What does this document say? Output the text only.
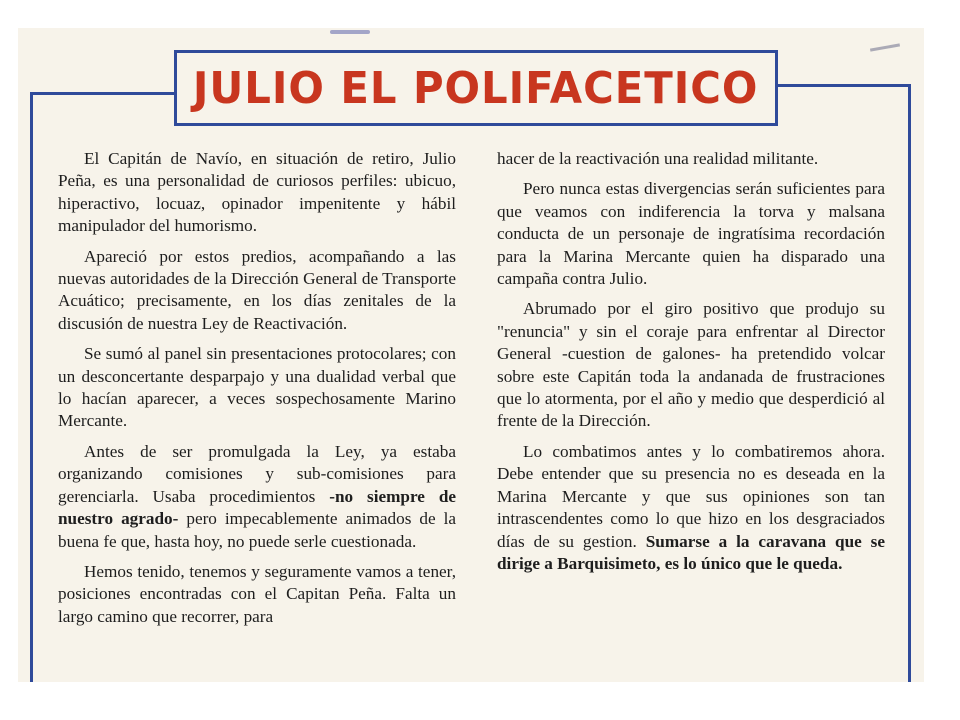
JULIO EL POLIFACETICO

El Capitán de Navío, en situación de retiro, Julio Peña, es una personalidad de curiosos perfiles: ubicuo, hiperactivo, locuaz, opinador impenitente y hábil manipulador del humorismo.

Apareció por estos predios, acompañando a las nuevas autoridades de la Dirección General de Transporte Acuático; precisamente, en los días zenitales de la discusión de nuestra Ley de Reactivación.

Se sumó al panel sin presentaciones protocolares; con un desconcertante desparpajo y una dualidad verbal que lo hacían aparecer, a veces sospechosamente Marino Mercante.

Antes de ser promulgada la Ley, ya estaba organizando comisiones y sub-comisiones para gerenciarla. Usaba procedimientos -no siempre de nuestro agrado- pero impecablemente animados de la buena fe que, hasta hoy, no puede serle cuestionada.

Hemos tenido, tenemos y seguramente vamos a tener, posiciones encontradas con el Capitan Peña. Falta un largo camino que recorrer, para

hacer de la reactivación una realidad militante.

Pero nunca estas divergencias serán suficientes para que veamos con indiferencia la torva y malsana conducta de un personaje de ingratísima recordación para la Marina Mercante quien ha disparado una campaña contra Julio.

Abrumado por el giro positivo que produjo su "renuncia" y sin el coraje para enfrentar al Director General -cuestion de galones- ha pretendido volcar sobre este Capitán toda la andanada de frustraciones que lo atormenta, por el año y medio que desperdició al frente de la Dirección.

Lo combatimos antes y lo combatiremos ahora. Debe entender que su presencia no es deseada en la Marina Mercante y que sus opiniones son tan intrascendentes como lo que hizo en los desgraciados días de su gestion. Sumarse a la caravana que se dirige a Barquisimeto, es lo único que le queda.
